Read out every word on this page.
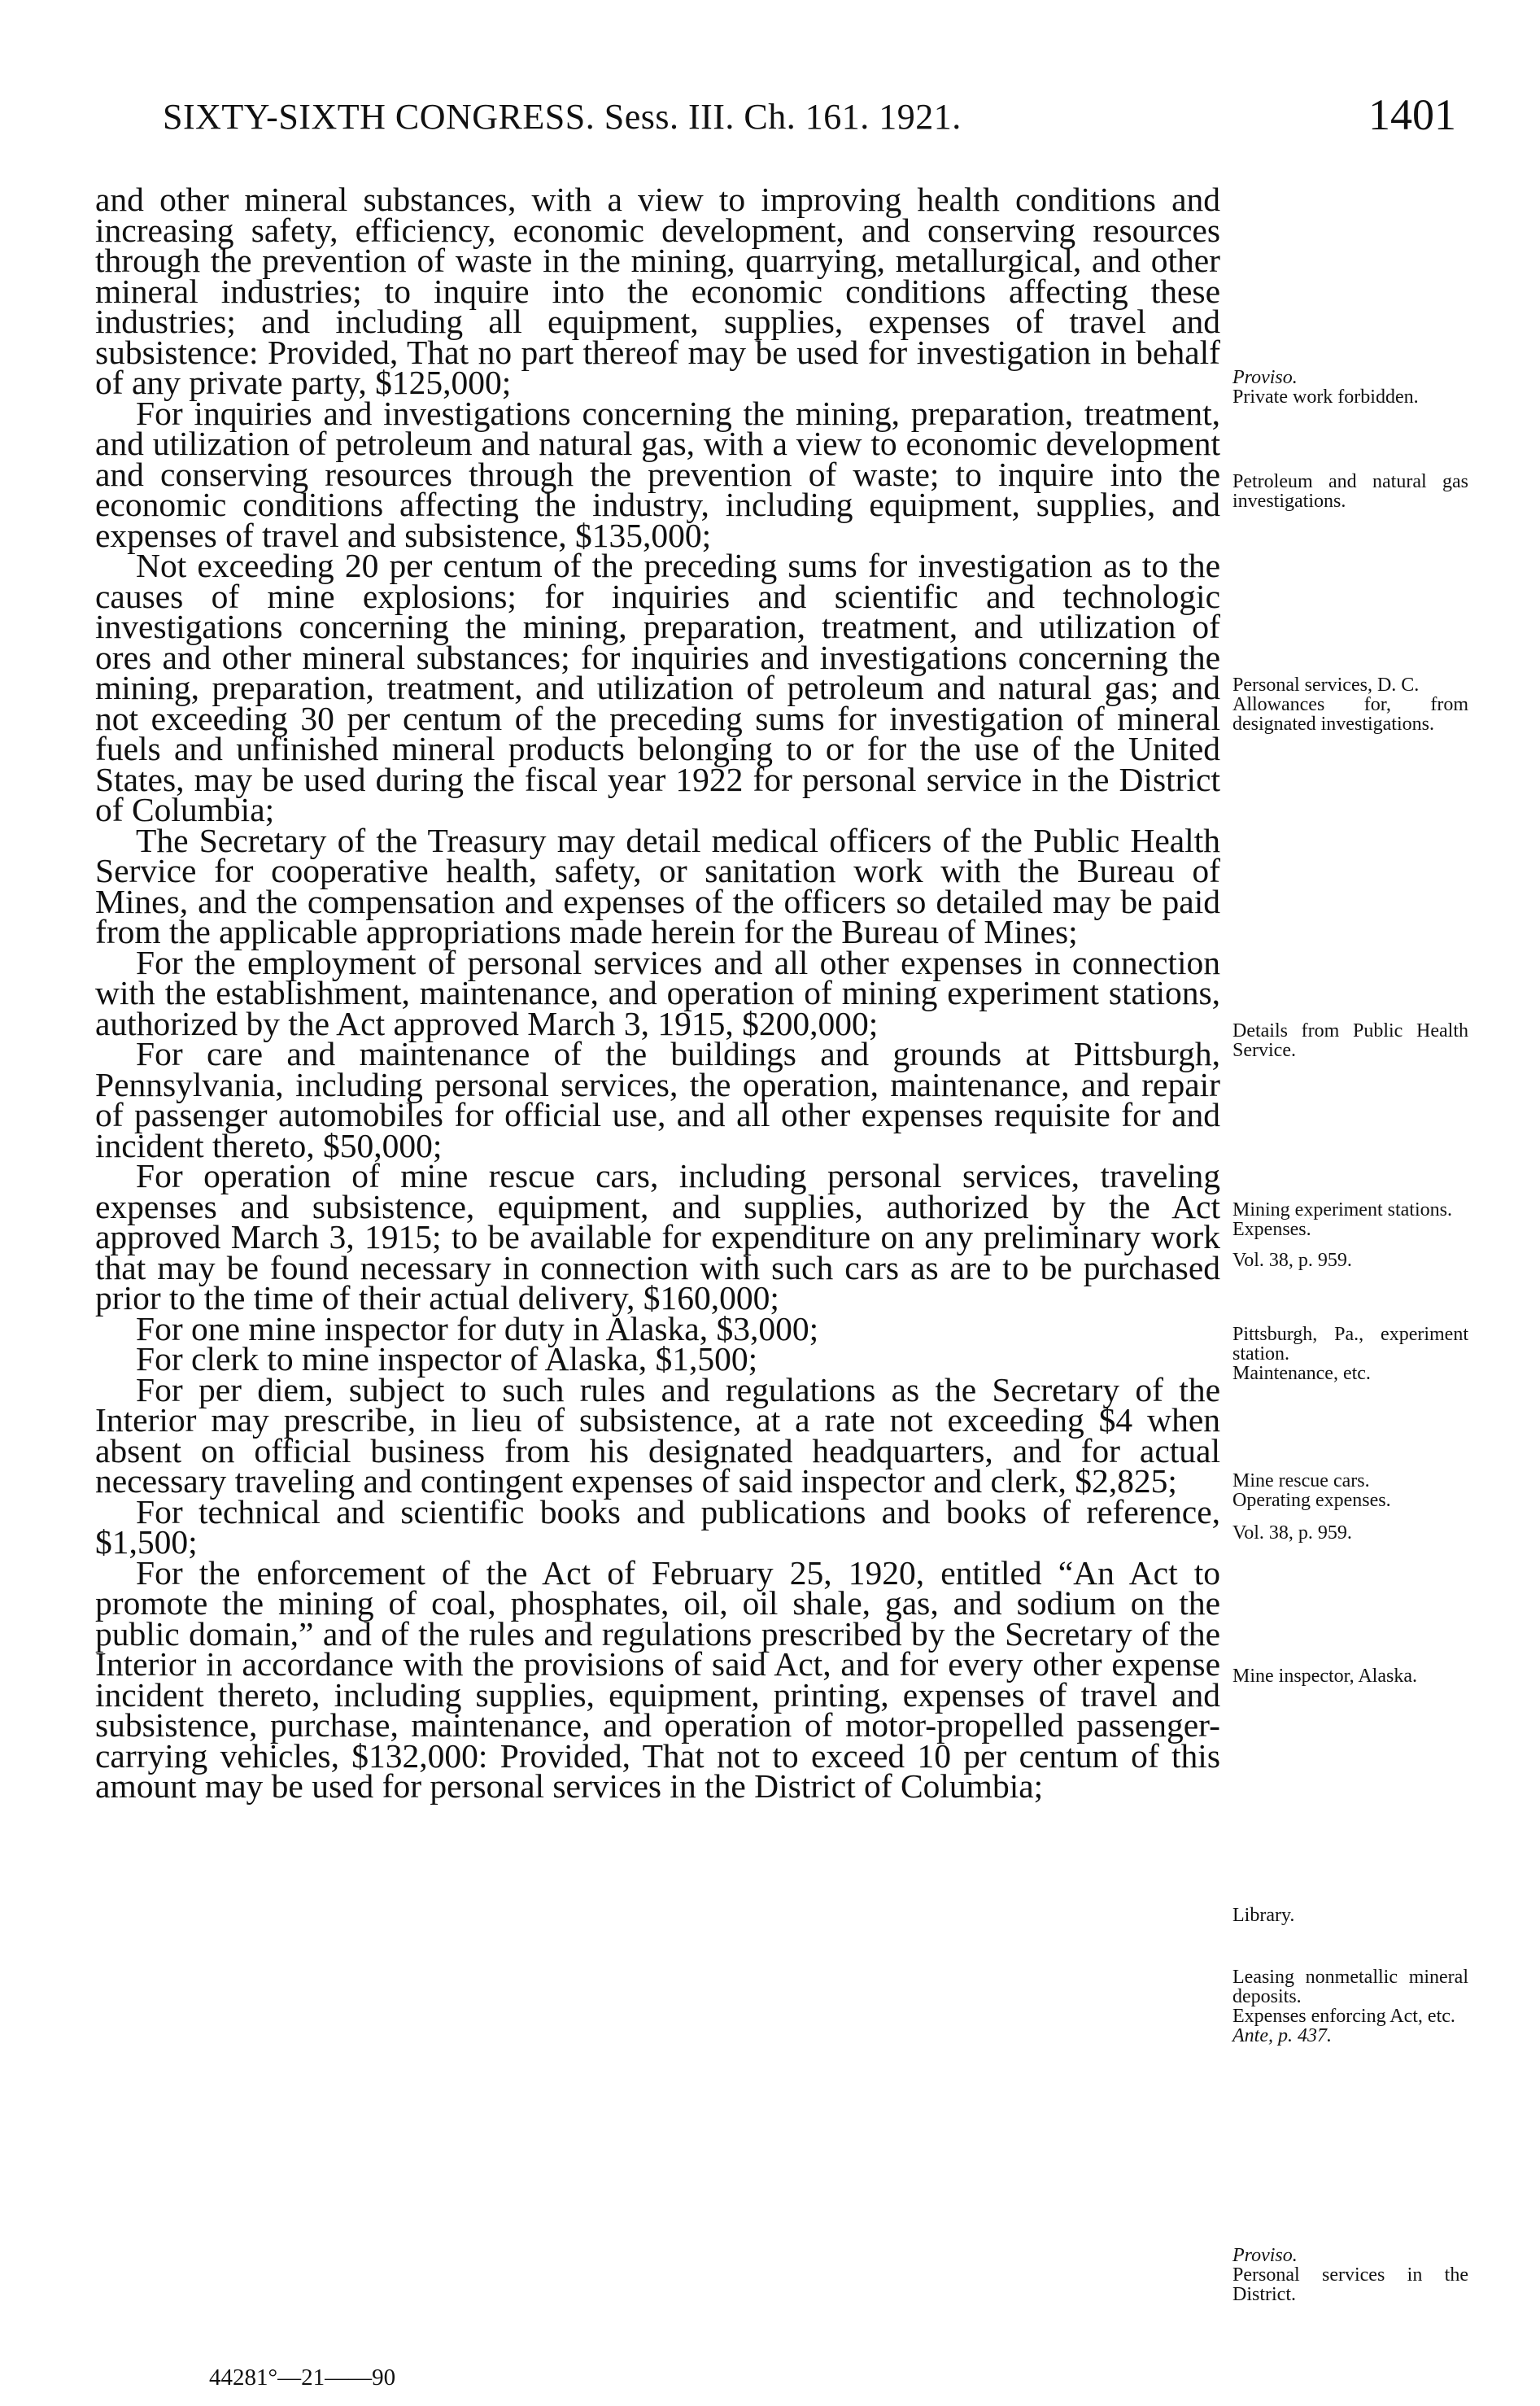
SIXTY-SIXTH CONGRESS. Sess. III. Ch. 161. 1921.	1401

and other mineral substances, with a view to improving health conditions and increasing safety, efficiency, economic development, and conserving resources through the prevention of waste in the mining, quarrying, metallurgical, and other mineral industries; to inquire into the economic conditions affecting these industries; and including all equipment, supplies, expenses of travel and subsistence: Provided, That no part thereof may be used for investigation in behalf of any private party, $125,000;

For inquiries and investigations concerning the mining, preparation, treatment, and utilization of petroleum and natural gas, with a view to economic development and conserving resources through the prevention of waste; to inquire into the economic conditions affecting the industry, including equipment, supplies, and expenses of travel and subsistence, $135,000;

Not exceeding 20 per centum of the preceding sums for investigation as to the causes of mine explosions; for inquiries and scientific and technologic investigations concerning the mining, preparation, treatment, and utilization of ores and other mineral substances; for inquiries and investigations concerning the mining, preparation, treatment, and utilization of petroleum and natural gas; and not exceeding 30 per centum of the preceding sums for investigation of mineral fuels and unfinished mineral products belonging to or for the use of the United States, may be used during the fiscal year 1922 for personal service in the District of Columbia;

The Secretary of the Treasury may detail medical officers of the Public Health Service for cooperative health, safety, or sanitation work with the Bureau of Mines, and the compensation and expenses of the officers so detailed may be paid from the applicable appropriations made herein for the Bureau of Mines;

For the employment of personal services and all other expenses in connection with the establishment, maintenance, and operation of mining experiment stations, authorized by the Act approved March 3, 1915, $200,000;

For care and maintenance of the buildings and grounds at Pittsburgh, Pennsylvania, including personal services, the operation, maintenance, and repair of passenger automobiles for official use, and all other expenses requisite for and incident thereto, $50,000;

For operation of mine rescue cars, including personal services, traveling expenses and subsistence, equipment, and supplies, authorized by the Act approved March 3, 1915; to be available for expenditure on any preliminary work that may be found necessary in connection with such cars as are to be purchased prior to the time of their actual delivery, $160,000;

For one mine inspector for duty in Alaska, $3,000;

For clerk to mine inspector of Alaska, $1,500;

For per diem, subject to such rules and regulations as the Secretary of the Interior may prescribe, in lieu of subsistence, at a rate not exceeding $4 when absent on official business from his designated headquarters, and for actual necessary traveling and contingent expenses of said inspector and clerk, $2,825;

For technical and scientific books and publications and books of reference, $1,500;

For the enforcement of the Act of February 25, 1920, entitled “An Act to promote the mining of coal, phosphates, oil, oil shale, gas, and sodium on the public domain,” and of the rules and regulations prescribed by the Secretary of the Interior in accordance with the provisions of said Act, and for every other expense incident thereto, including supplies, equipment, printing, expenses of travel and subsistence, purchase, maintenance, and operation of motor-propelled passenger-carrying vehicles, $132,000: Provided, That not to exceed 10 per centum of this amount may be used for personal services in the District of Columbia;

Proviso.
Private work forbidden.
Petroleum and natural gas investigations.
Personal services, D. C.
Allowances for, from designated investigations.
Details from Public Health Service.
Mining experiment stations.
Expenses.
Vol. 38, p. 959.
Pittsburgh, Pa., experiment station.
Maintenance, etc.
Mine rescue cars.
Operating expenses.
Vol. 38, p. 959.
Mine inspector, Alaska.
Library.
Leasing nonmetallic mineral deposits.
Expenses enforcing Act, etc.
Ante, p. 437.
Proviso.
Personal services in the District.
44281°—21——90
